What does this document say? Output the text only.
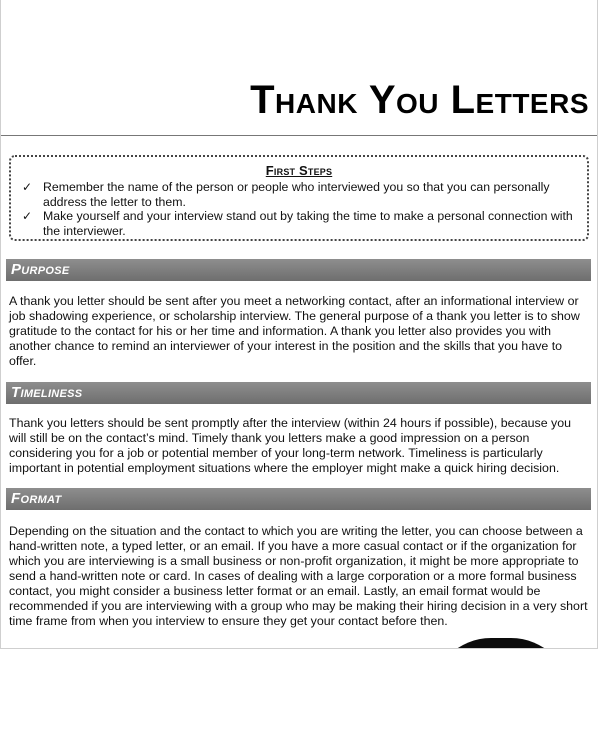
Thank You Letters
First Steps
✓ Remember the name of the person or people who interviewed you so that you can personally address the letter to them.
✓ Make yourself and your interview stand out by taking the time to make a personal connection with the interviewer.
Purpose

A thank you letter should be sent after you meet a networking contact, after an informational interview or job shadowing experience, or scholarship interview. The general purpose of a thank you letter is to show gratitude to the contact for his or her time and information. A thank you letter also provides you with another chance to remind an interviewer of your interest in the position and the skills that you have to offer.

Timeliness

Thank you letters should be sent promptly after the interview (within 24 hours if possible), because you will still be on the contact’s mind. Timely thank you letters make a good impression on a person considering you for a job or potential member of your long-term network. Timeliness is particularly important in potential employment situations where the employer might make a quick hiring decision.

Format

Depending on the situation and the contact to which you are writing the letter, you can choose between a hand-written note, a typed letter, or an email. If you have a more casual contact or if the organization for which you are interviewing is a small business or non-profit organization, it might be more appropriate to send a hand-written note or card. In cases of dealing with a large corporation or a more formal business contact, you might consider a business letter format or an email. Lastly, an email format would be recommended if you are interviewing with a group who may be making their hiring decision in a very short time frame from when you interview to ensure they get your contact before then.
